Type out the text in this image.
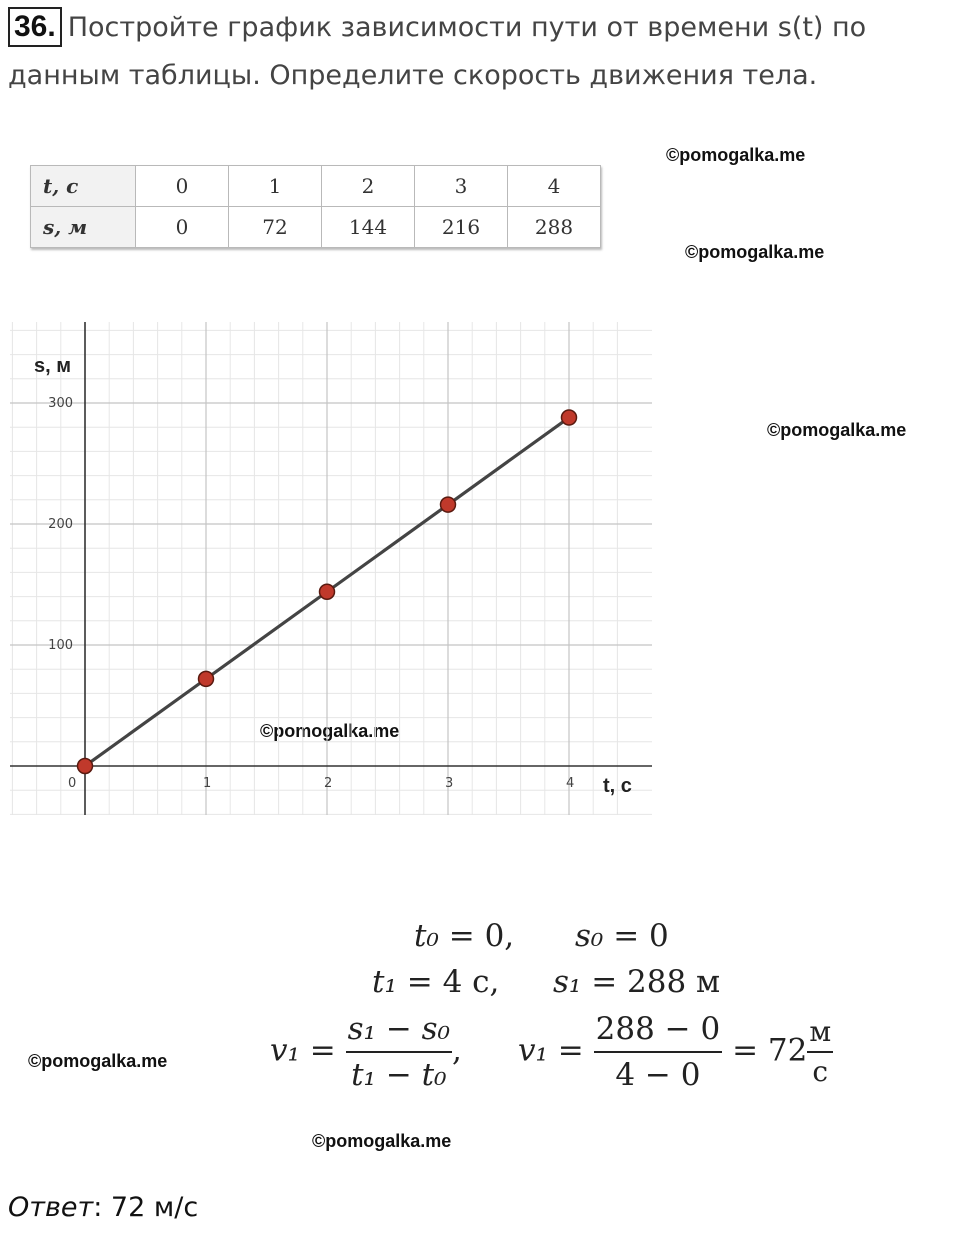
36. Постройте график зависимости пути от времени s(t) по данным таблицы. Определите скорость движения тела.
©pomogalka.me
©pomogalka.me
©pomogalka.me
©pomogalka.me
©pomogalka.me
©pomogalka.me
t, с	0	1	2	3	4
s, м	0	72	144	216	288
0	1	2	3	4
100
200
300
s, м
t, с
t₀ = 0, s₀ = 0
t₁ = 4 с, s₁ = 288 м
$v_1 = \frac{\text{s₁ − s₀}}{\text{t₁ − t₀}}$ , $v_1 = \frac{288 - 0}{4 - 0} = 72 \frac{м}{с}$
Ответ: 72 м/с
